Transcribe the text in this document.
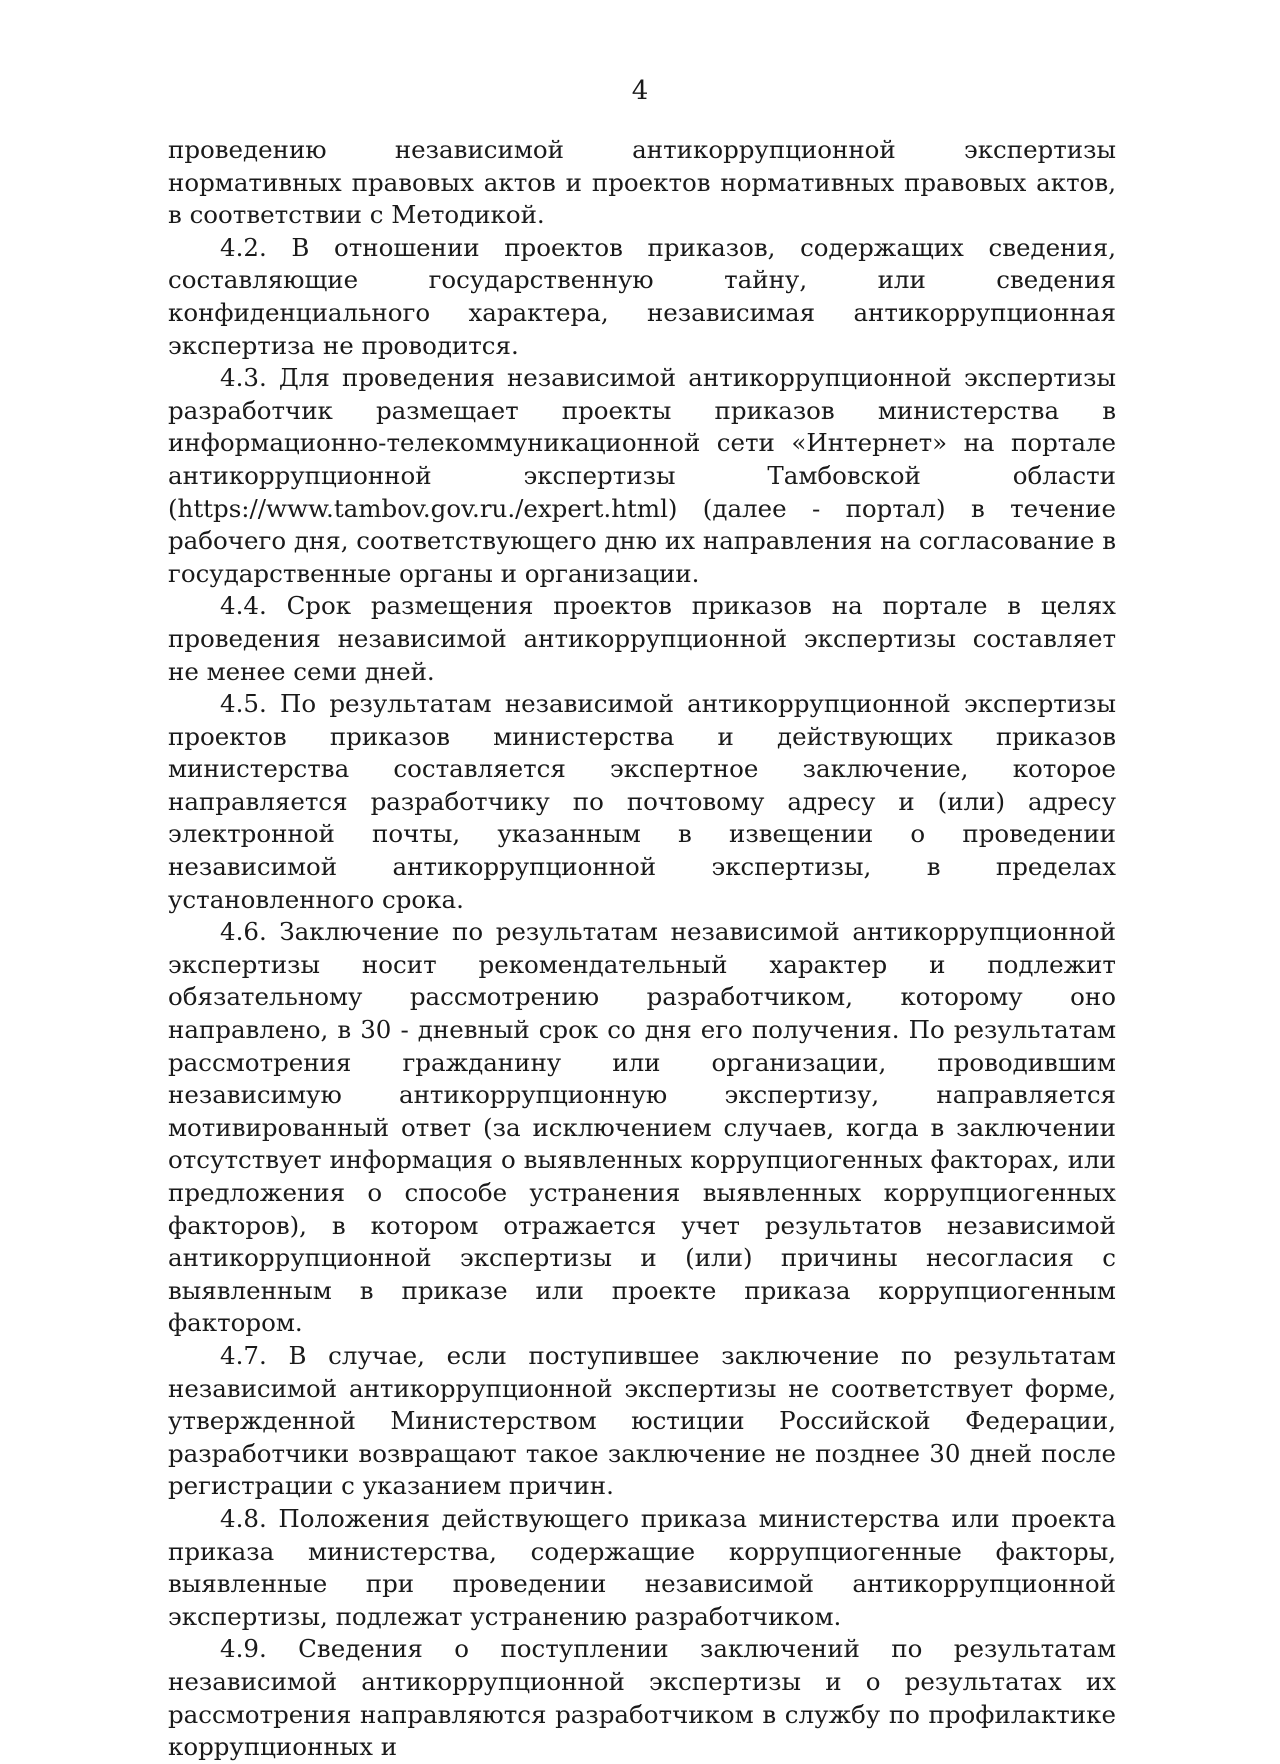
4

проведению независимой антикоррупционной экспертизы нормативных правовых актов и проектов нормативных правовых актов, в соответствии с Методикой.

4.2. В отношении проектов приказов, содержащих сведения, составляющие государственную тайну, или сведения конфиденциального характера, независимая антикоррупционная экспертиза не проводится.

4.3. Для проведения независимой антикоррупционной экспертизы разработчик размещает проекты приказов министерства в информационно-телекоммуникационной сети «Интернет» на портале антикоррупционной экспертизы Тамбовской области (https://www.tambov.gov.ru./expert.html) (далее - портал) в течение рабочего дня, соответствующего дню их направления на согласование в государственные органы и организации.

4.4. Срок размещения проектов приказов на портале в целях проведения независимой антикоррупционной экспертизы составляет не менее семи дней.

4.5. По результатам независимой антикоррупционной экспертизы проектов приказов министерства и действующих приказов министерства составляется экспертное заключение, которое направляется разработчику по почтовому адресу и (или) адресу электронной почты, указанным в извещении о проведении независимой антикоррупционной экспертизы, в пределах установленного срока.

4.6. Заключение по результатам независимой антикоррупционной экспертизы носит рекомендательный характер и подлежит обязательному рассмотрению разработчиком, которому оно направлено, в 30 - дневный срок со дня его получения. По результатам рассмотрения гражданину или организации, проводившим независимую антикоррупционную экспертизу, направляется мотивированный ответ (за исключением случаев, когда в заключении отсутствует информация о выявленных коррупциогенных факторах, или предложения о способе устранения выявленных коррупциогенных факторов), в котором отражается учет результатов независимой антикоррупционной экспертизы и (или) причины несогласия с выявленным в приказе или проекте приказа коррупциогенным фактором.

4.7. В случае, если поступившее заключение по результатам независимой антикоррупционной экспертизы не соответствует форме, утвержденной Министерством юстиции Российской Федерации, разработчики возвращают такое заключение не позднее 30 дней после регистрации с указанием причин.

4.8. Положения действующего приказа министерства или проекта приказа министерства, содержащие коррупциогенные факторы, выявленные при проведении независимой антикоррупционной экспертизы, подлежат устранению разработчиком.

4.9. Сведения о поступлении заключений по результатам независимой антикоррупционной экспертизы и о результатах их рассмотрения направляются разработчиком в службу по профилактике коррупционных и
